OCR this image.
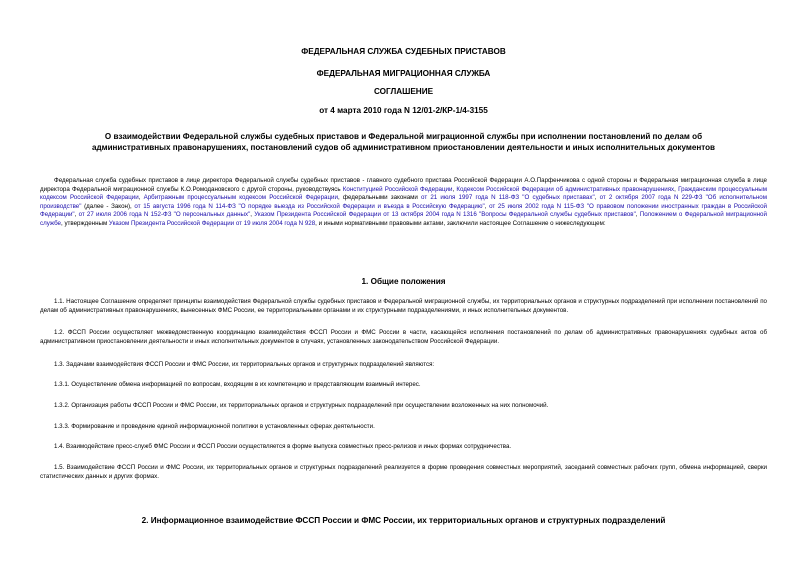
ФЕДЕРАЛЬНАЯ СЛУЖБА СУДЕБНЫХ ПРИСТАВОВ
ФЕДЕРАЛЬНАЯ МИГРАЦИОННАЯ СЛУЖБА
СОГЛАШЕНИЕ
от 4 марта 2010 года N 12/01-2/КР-1/4-3155
О взаимодействии Федеральной службы судебных приставов и Федеральной миграционной службы при исполнении постановлений по делам об
административных правонарушениях, постановлений судов об административном приостановлении деятельности и иных исполнительных документов
Федеральная служба судебных приставов в лице директора Федеральной службы судебных приставов - главного судебного пристава Российской Федерации А.О.Парфенчикова с одной стороны и Федеральная миграционная служба в лице директора Федеральной миграционной службы К.О.Ромодановского с другой стороны, руководствуясь Конституцией Российской Федерации, Кодексом Российской Федерации об административных правонарушениях, Гражданским процессуальным кодексом Российской Федерации, Арбитражным процессуальным кодексом Российской Федерации, федеральными законами от 21 июля 1997 года N 118-ФЗ "О судебных приставах", от 2 октября 2007 года N 229-ФЗ "Об исполнительном производстве" (далее - Закон), от 15 августа 1996 года N 114-ФЗ "О порядке выезда из Российской Федерации и въезда в Российскую Федерацию", от 25 июля 2002 года N 115-ФЗ "О правовом положении иностранных граждан в Российской Федерации", от 27 июля 2006 года N 152-ФЗ "О персональных данных", Указом Президента Российской Федерации от 13 октября 2004 года N 1316 "Вопросы Федеральной службы судебных приставов", Положением о Федеральной миграционной службе, утвержденным Указом Президента Российской Федерации от 19 июля 2004 года N 928, и иными нормативными правовыми актами, заключили настоящее Соглашение о нижеследующем:
1. Общие положения
1.1. Настоящее Соглашение определяет принципы взаимодействия Федеральной службы судебных приставов и Федеральной миграционной службы, их территориальных органов и структурных подразделений при исполнении постановлений по делам об административных правонарушениях, вынесенных ФМС России, ее территориальными органами и их структурными подразделениями, и иных исполнительных документов.
1.2. ФССП России осуществляет межведомственную координацию взаимодействия ФССП России и ФМС России в части, касающейся исполнения постановлений по делам об административных правонарушениях судебных актов об административном приостановлении деятельности и иных исполнительных документов в случаях, установленных законодательством Российской Федерации.
1.3. Задачами взаимодействия ФССП России и ФМС России, их территориальных органов и структурных подразделений являются:
1.3.1. Осуществление обмена информацией по вопросам, входящим в их компетенцию и представляющим взаимный интерес.
1.3.2. Организация работы ФССП России и ФМС России, их территориальных органов и структурных подразделений при осуществлении возложенных на них полномочий.
1.3.3. Формирование и проведение единой информационной политики в установленных сферах деятельности.
1.4. Взаимодействие пресс-служб ФМС России и ФССП России осуществляется в форме выпуска совместных пресс-релизов и иных формах сотрудничества.
1.5. Взаимодействие ФССП России и ФМС России, их территориальных органов и структурных подразделений реализуется в форме проведения совместных мероприятий, заседаний совместных рабочих групп, обмена информацией, сверки статистических данных и других формах.
2. Информационное взаимодействие ФССП России и ФМС России, их территориальных органов и структурных подразделений
